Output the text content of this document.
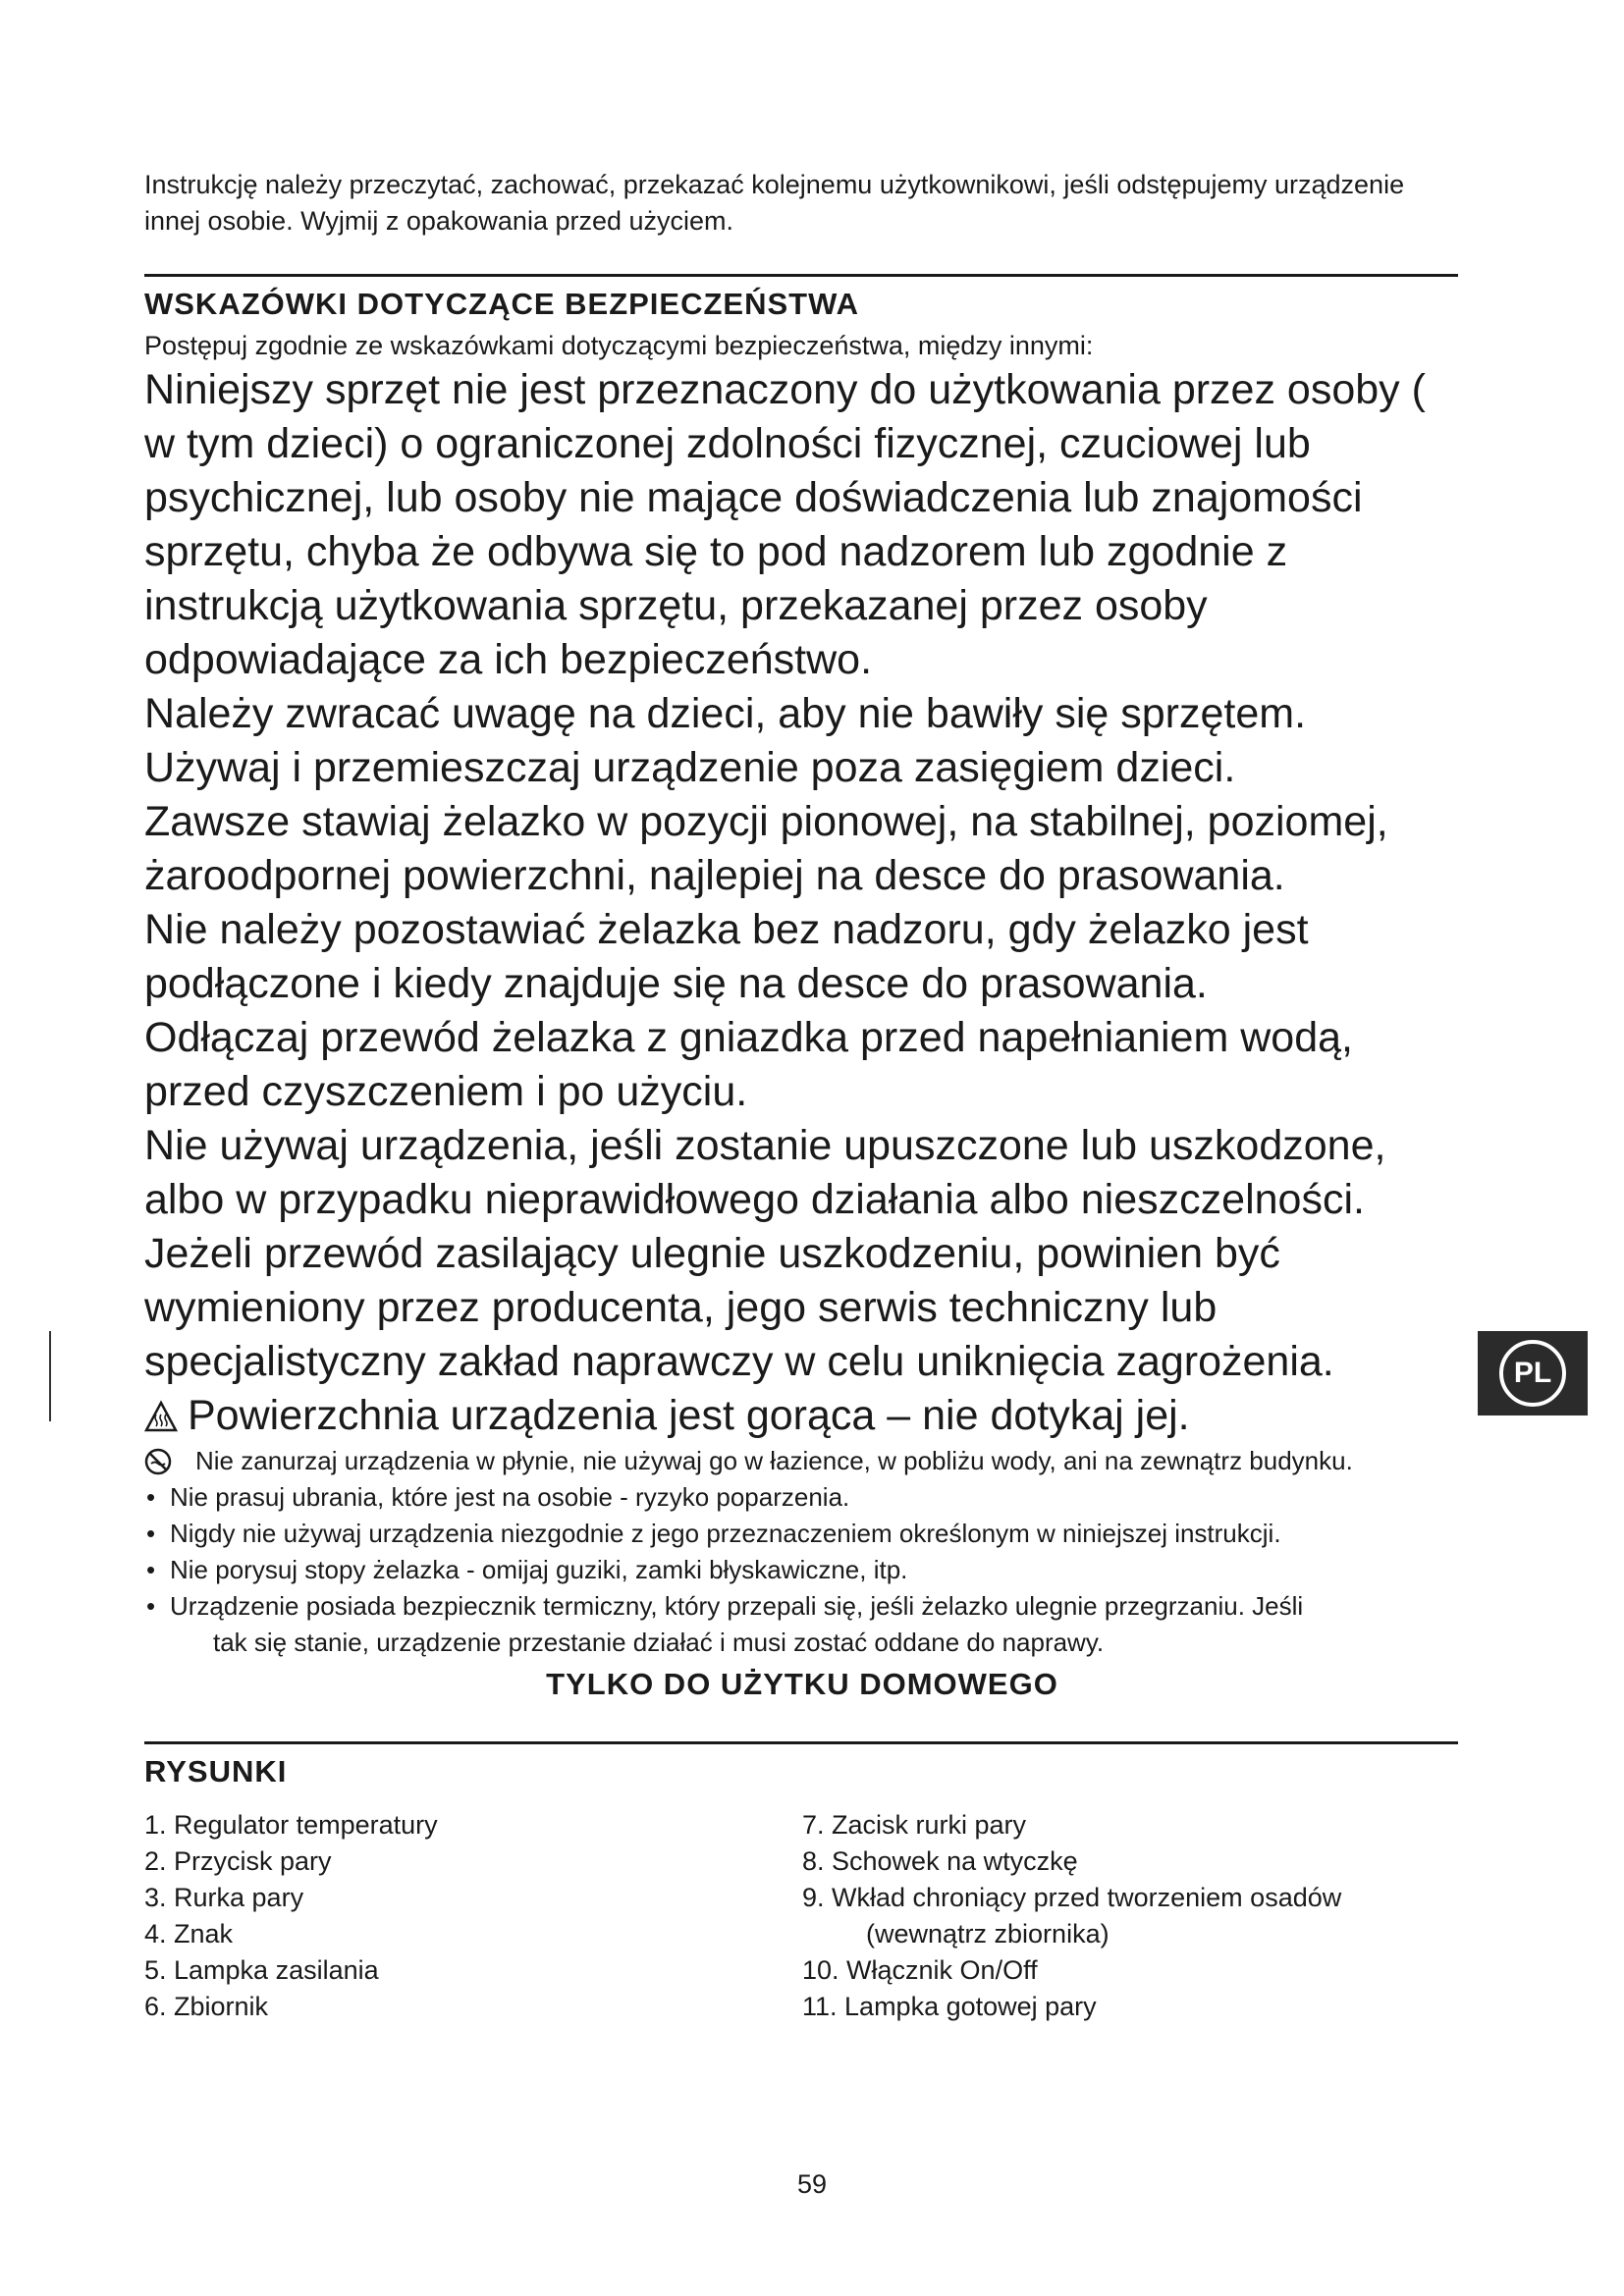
Instrukcję należy przeczytać, zachować, przekazać kolejnemu użytkownikowi, jeśli odstępujemy urządzenie innej osobie. Wyjmij z opakowania przed użyciem.

WSKAZÓWKI DOTYCZĄCE BEZPIECZEŃSTWA

Postępuj zgodnie ze wskazówkami dotyczącymi bezpieczeństwa, między innymi:

Niniejszy sprzęt nie jest przeznaczony do użytkowania przez osoby ( w tym dzieci) o ograniczonej zdolności fizycznej, czuciowej lub psychicznej, lub osoby nie mające doświadczenia lub znajomości sprzętu, chyba że odbywa się to pod nadzorem lub zgodnie z instrukcją użytkowania sprzętu, przekazanej przez osoby odpowiadające za ich bezpieczeństwo.

Należy zwracać uwagę na dzieci, aby nie bawiły się sprzętem.

Używaj i przemieszczaj urządzenie poza zasięgiem dzieci.

Zawsze stawiaj żelazko w pozycji pionowej, na stabilnej, poziomej, żaroodpornej powierzchni, najlepiej na desce do prasowania.

Nie należy pozostawiać żelazka bez nadzoru, gdy żelazko jest podłączone i kiedy znajduje się na desce do prasowania.

Odłączaj przewód żelazka z gniazdka przed napełnianiem wodą, przed czyszczeniem i po użyciu.

Nie używaj urządzenia, jeśli zostanie upuszczone lub uszkodzone, albo w przypadku nieprawidłowego działania albo nieszczelności.

Jeżeli przewód zasilający ulegnie uszkodzeniu, powinien być wymieniony przez producenta, jego serwis techniczny lub specjalistyczny zakład naprawczy w celu uniknięcia zagrożenia.

Powierzchnia urządzenia jest gorąca – nie dotykaj jej.
Nie zanurzaj urządzenia w płynie, nie używaj go w łazience, w pobliżu wody, ani na zewnątrz budynku.
• Nie prasuj ubrania, które jest na osobie - ryzyko poparzenia.
• Nigdy nie używaj urządzenia niezgodnie z jego przeznaczeniem określonym w niniejszej instrukcji.
• Nie porysuj stopy żelazka - omijaj guziki, zamki błyskawiczne, itp.
• Urządzenie posiada bezpiecznik termiczny, który przepali się, jeśli żelazko ulegnie przegrzaniu. Jeśli
tak się stanie, urządzenie przestanie działać i musi zostać oddane do naprawy.
TYLKO DO UŻYTKU DOMOWEGO
RYSUNKI
1. Regulator temperatury
2. Przycisk pary
3. Rurka pary
4. Znak
5. Lampka zasilania
6. Zbiornik
7. Zacisk rurki pary
8. Schowek na wtyczkę
9. Wkład chroniący przed tworzeniem osadów
(wewnątrz zbiornika)
10. Włącznik On/Off
11. Lampka gotowej pary
PL
59
